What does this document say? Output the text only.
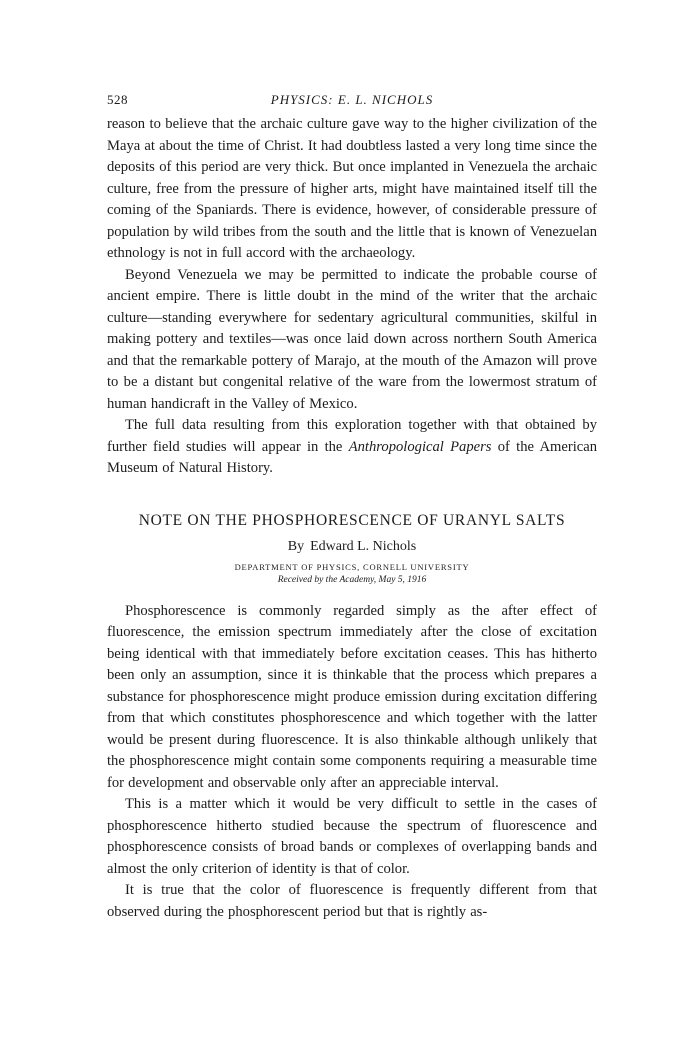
528	PHYSICS: E. L. NICHOLS

reason to believe that the archaic culture gave way to the higher civilization of the Maya at about the time of Christ. It had doubtless lasted a very long time since the deposits of this period are very thick. But once implanted in Venezuela the archaic culture, free from the pressure of higher arts, might have maintained itself till the coming of the Spaniards. There is evidence, however, of considerable pressure of population by wild tribes from the south and the little that is known of Venezuelan ethnology is not in full accord with the archaeology.

Beyond Venezuela we may be permitted to indicate the probable course of ancient empire. There is little doubt in the mind of the writer that the archaic culture—standing everywhere for sedentary agricultural communities, skilful in making pottery and textiles—was once laid down across northern South America and that the remarkable pottery of Marajo, at the mouth of the Amazon will prove to be a distant but congenital relative of the ware from the lowermost stratum of human handicraft in the Valley of Mexico.

The full data resulting from this exploration together with that obtained by further field studies will appear in the Anthropological Papers of the American Museum of Natural History.

NOTE ON THE PHOSPHORESCENCE OF URANYL SALTS
By Edward L. Nichols
DEPARTMENT OF PHYSICS, CORNELL UNIVERSITY
Received by the Academy, May 5, 1916

Phosphorescence is commonly regarded simply as the after effect of fluorescence, the emission spectrum immediately after the close of excitation being identical with that immediately before excitation ceases. This has hitherto been only an assumption, since it is thinkable that the process which prepares a substance for phosphorescence might produce emission during excitation differing from that which constitutes phosphorescence and which together with the latter would be present during fluorescence. It is also thinkable although unlikely that the phosphorescence might contain some components requiring a measurable time for development and observable only after an appreciable interval.

This is a matter which it would be very difficult to settle in the cases of phosphorescence hitherto studied because the spectrum of fluorescence and phosphorescence consists of broad bands or complexes of overlapping bands and almost the only criterion of identity is that of color.

It is true that the color of fluorescence is frequently different from that observed during the phosphorescent period but that is rightly as-
